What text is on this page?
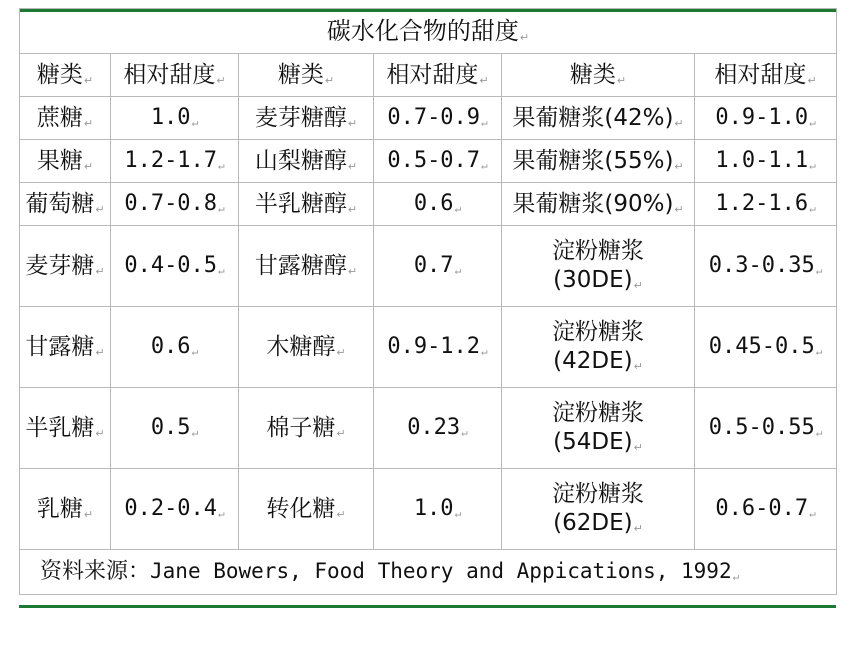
碳水化合物的甜度↵					
糖类↵	相对甜度↵	糖类↵	相对甜度↵	糖类↵	相对甜度↵
蔗糖↵	1.0↵	麦芽糖醇↵	0.7-0.9↵	果葡糖浆(42%)↵	0.9-1.0↵
果糖↵	1.2-1.7↵	山梨糖醇↵	0.5-0.7↵	果葡糖浆(55%)↵	1.0-1.1↵
葡萄糖↵	0.7-0.8↵	半乳糖醇↵	0.6↵	果葡糖浆(90%)↵	1.2-1.6↵
麦芽糖↵	0.4-0.5↵	甘露糖醇↵	0.7↵	淀粉糖浆
(30DE)↵	0.3-0.35↵
甘露糖↵	0.6↵	木糖醇↵	0.9-1.2↵	淀粉糖浆
(42DE)↵	0.45-0.5↵
半乳糖↵	0.5↵	棉子糖↵	0.23↵	淀粉糖浆
(54DE)↵	0.5-0.55↵
乳糖↵	0.2-0.4↵	转化糖↵	1.0↵	淀粉糖浆
(62DE)↵	0.6-0.7↵
资料来源：Jane Bowers, Food Theory and Appications, 1992↵					
